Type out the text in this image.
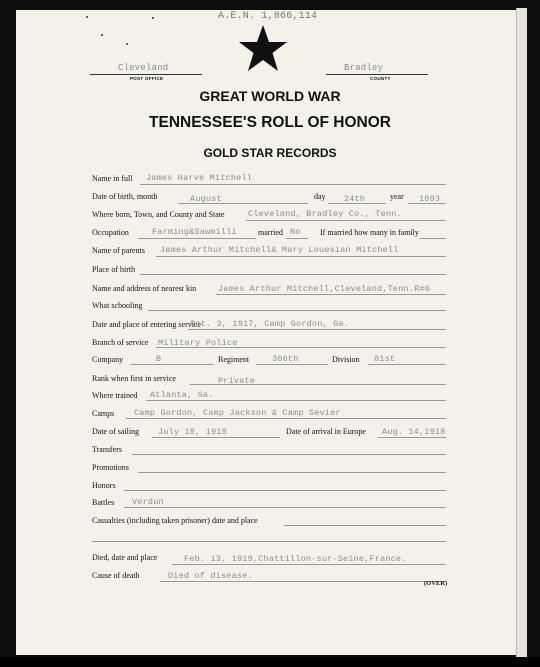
A.E.N. 1,866,114
Cleveland
POST OFFICE
Bradley
COUNTY
GREAT WORLD WAR
TENNESSEE'S ROLL OF HONOR
GOLD STAR RECORDS
Name in full James Harve Mitchell
Date of birth, month	August	day 24th	year 1893
Where born, Town, and County and State	Cleveland, Bradley Co., Tenn.
Occupation	Farming&Sawmilli	married No If married how many in family
Name of parents James Arthur Mitchell& Mary Louesian Mitchell
Place of birth
Name and address of nearest kin	James Arthur Mitchell,Cleveland,Tenn.R#6
What schooling
Date and place of entering service
Oct. 3, 1917, Camp Gordon, Ga.
Branch of service Military Police
Company	B	Regiment	306th	Division 81st
Rank when first in service	Private
Where trained Atlanta, Ga.
Camps Camp Gordon, Camp Jackson & Camp Sevier
Date of sailing July 18, 1918	Date of arrival in Europe Aug. 14,1918
Transfers
Promotions
Honors
Battles Verdun
Casualties (including taken prisoner) date and place
Died, date and place	Feb. 13, 1919,Chattillon-sur-Seine,France.
Cause of death	Died of disease.
(OVER)
